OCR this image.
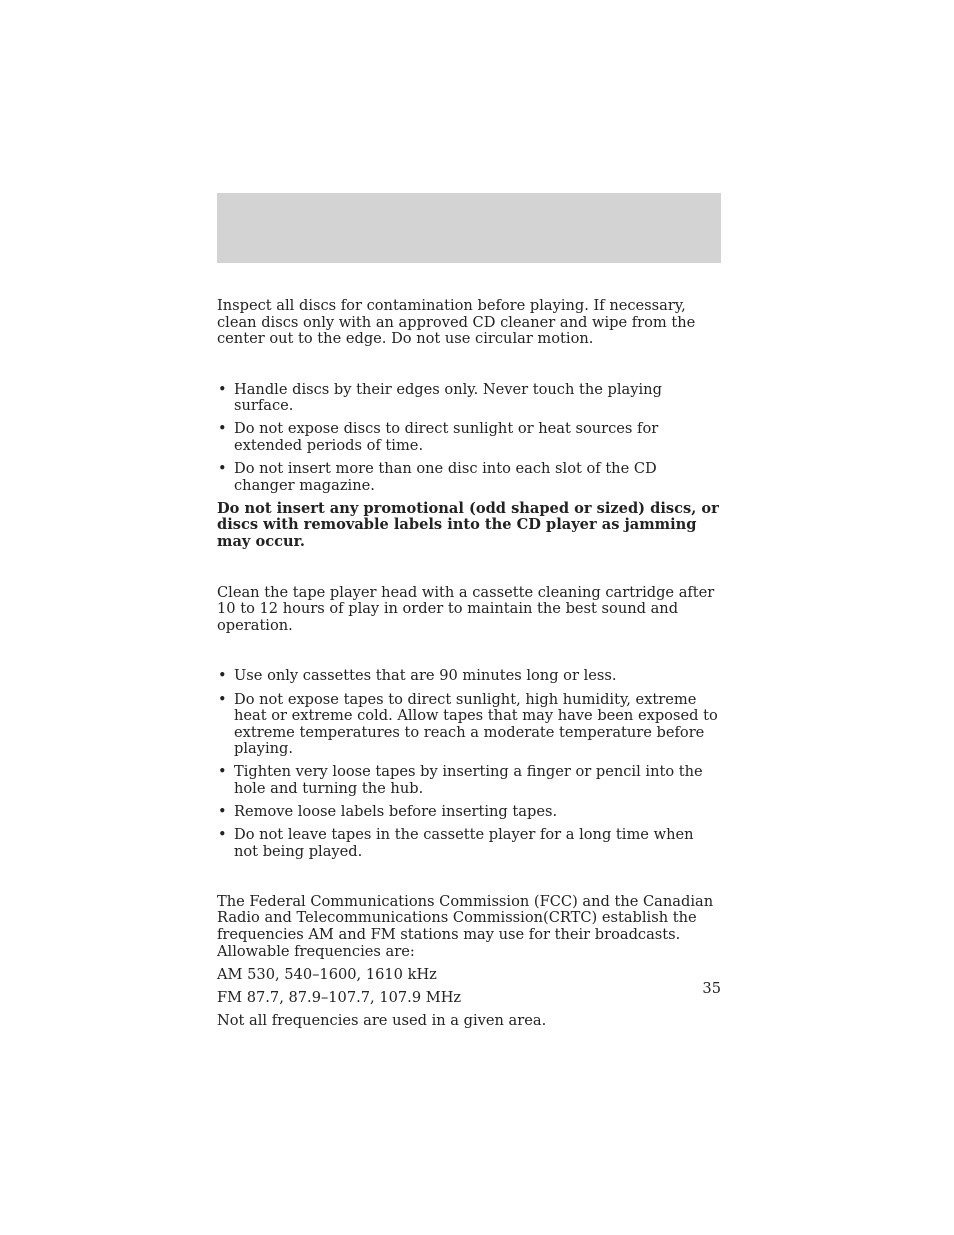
Inspect all discs for contamination before playing. If necessary, clean discs only with an approved CD cleaner and wipe from the center out to the edge. Do not use circular motion.

• Handle discs by their edges only. Never touch the playing surface.
• Do not expose discs to direct sunlight or heat sources for extended periods of time.
• Do not insert more than one disc into each slot of the CD changer magazine.

Do not insert any promotional (odd shaped or sized) discs, or discs with removable labels into the CD player as jamming may occur.

Clean the tape player head with a cassette cleaning cartridge after 10 to 12 hours of play in order to maintain the best sound and operation.

• Use only cassettes that are 90 minutes long or less.
• Do not expose tapes to direct sunlight, high humidity, extreme heat or extreme cold. Allow tapes that may have been exposed to extreme temperatures to reach a moderate temperature before playing.
• Tighten very loose tapes by inserting a finger or pencil into the hole and turning the hub.
• Remove loose labels before inserting tapes.
• Do not leave tapes in the cassette player for a long time when not being played.

The Federal Communications Commission (FCC) and the Canadian Radio and Telecommunications Commission(CRTC) establish the frequencies AM and FM stations may use for their broadcasts. Allowable frequencies are:

AM 530, 540–1600, 1610 kHz

FM 87.7, 87.9–107.7, 107.9 MHz

Not all frequencies are used in a given area.

35
